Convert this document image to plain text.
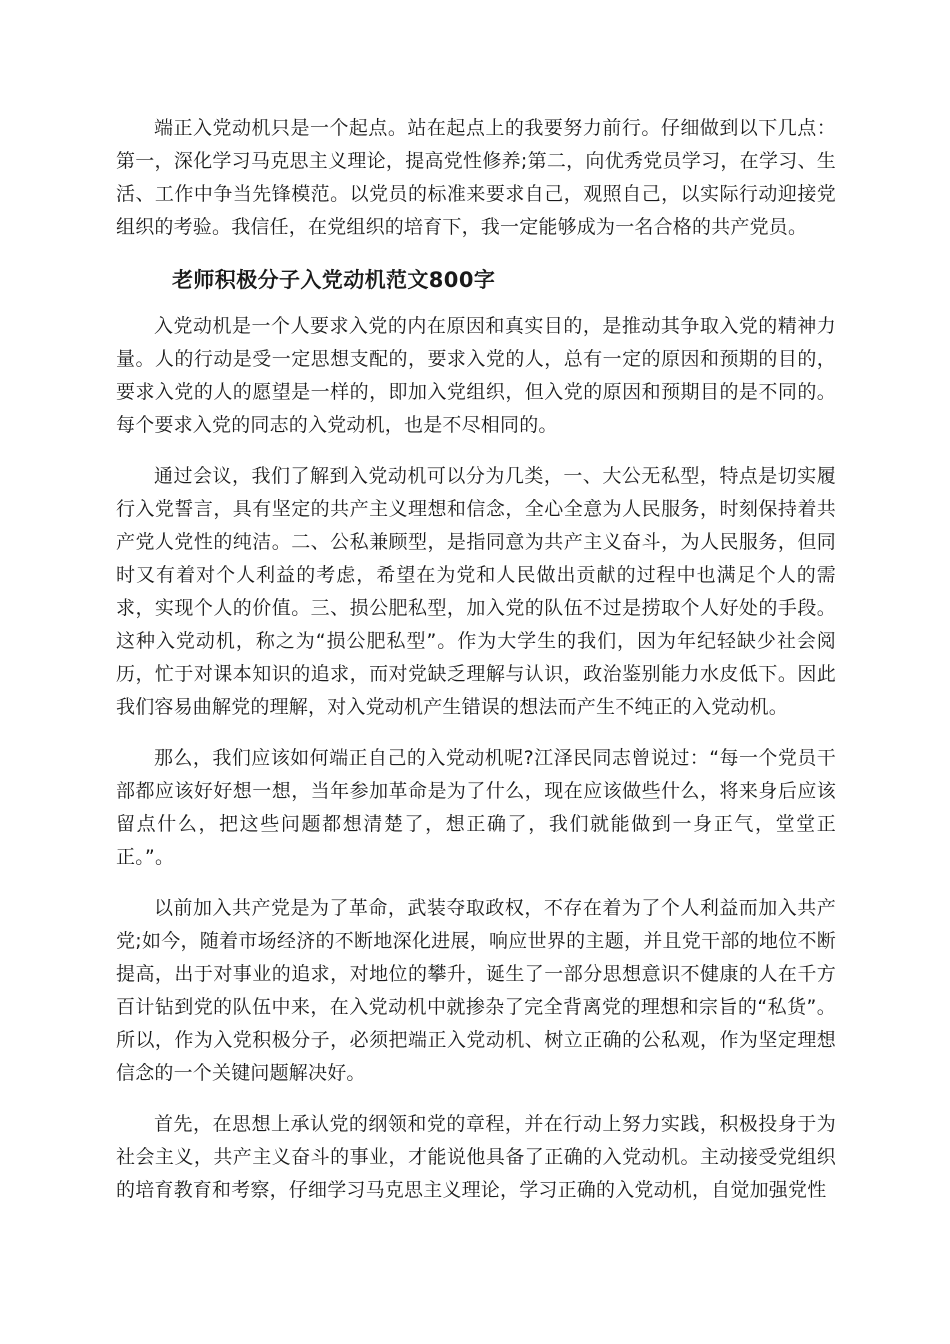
端正入党动机只是一个起点。站在起点上的我要努力前行。仔细做到以下几点：第一，深化学习马克思主义理论，提高党性修养;第二，向优秀党员学习，在学习、生活、工作中争当先锋模范。以党员的标准来要求自己，观照自己，以实际行动迎接党组织的考验。我信任，在党组织的培育下，我一定能够成为一名合格的共产党员。

老师积极分子入党动机范文800字

入党动机是一个人要求入党的内在原因和真实目的，是推动其争取入党的精神力量。人的行动是受一定思想支配的，要求入党的人，总有一定的原因和预期的目的，要求入党的人的愿望是一样的，即加入党组织，但入党的原因和预期目的是不同的。每个要求入党的同志的入党动机，也是不尽相同的。

通过会议，我们了解到入党动机可以分为几类，一、大公无私型，特点是切实履行入党誓言，具有坚定的共产主义理想和信念，全心全意为人民服务，时刻保持着共产党人党性的纯洁。二、公私兼顾型，是指同意为共产主义奋斗，为人民服务，但同时又有着对个人利益的考虑，希望在为党和人民做出贡献的过程中也满足个人的需求，实现个人的价值。三、损公肥私型，加入党的队伍不过是捞取个人好处的手段。这种入党动机，称之为“损公肥私型”。作为大学生的我们，因为年纪轻缺少社会阅历，忙于对课本知识的追求，而对党缺乏理解与认识，政治鉴别能力水皮低下。因此我们容易曲解党的理解，对入党动机产生错误的想法而产生不纯正的入党动机。

那么，我们应该如何端正自己的入党动机呢?江泽民同志曾说过：“每一个党员干部都应该好好想一想，当年参加革命是为了什么，现在应该做些什么，将来身后应该留点什么，把这些问题都想清楚了，想正确了，我们就能做到一身正气，堂堂正正。”。

以前加入共产党是为了革命，武装夺取政权，不存在着为了个人利益而加入共产党;如今，随着市场经济的不断地深化进展，响应世界的主题，并且党干部的地位不断提高，出于对事业的追求，对地位的攀升，诞生了一部分思想意识不健康的人在千方百计钻到党的队伍中来，在入党动机中就掺杂了完全背离党的理想和宗旨的“私货”。所以，作为入党积极分子，必须把端正入党动机、树立正确的公私观，作为坚定理想信念的一个关键问题解决好。

首先，在思想上承认党的纲领和党的章程，并在行动上努力实践，积极投身于为社会主义，共产主义奋斗的事业，才能说他具备了正确的入党动机。主动接受党组织的培育教育和考察，仔细学习马克思主义理论，学习正确的入党动机，自觉加强党性
